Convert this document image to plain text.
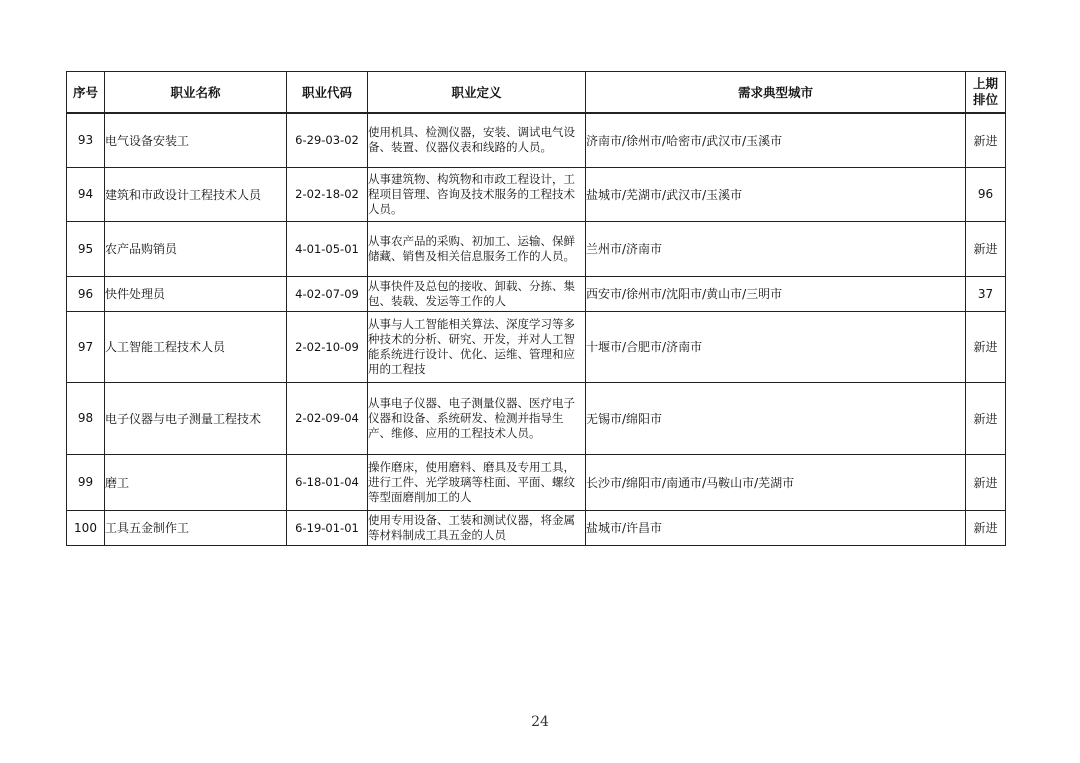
序号	职业名称	职业代码	职业定义	需求典型城市	上期
排位
93	电气设备安装工	6-29-03-02	使用机具、检测仪器，安装、调试电气设备、装置、仪器仪表和线路的人员。	济南市/徐州市/哈密市/武汉市/玉溪市	新进
94	建筑和市政设计工程技术人员	2-02-18-02	从事建筑物、构筑物和市政工程设计，工程项目管理、咨询及技术服务的工程技术人员。	盐城市/芜湖市/武汉市/玉溪市	96
95	农产品购销员	4-01-05-01	从事农产品的采购、初加工、运输、保鲜储藏、销售及相关信息服务工作的人员。	兰州市/济南市	新进
96	快件处理员	4-02-07-09	从事快件及总包的接收、卸载、分拣、集包、装载、发运等工作的人	西安市/徐州市/沈阳市/黄山市/三明市	37
97	人工智能工程技术人员	2-02-10-09	从事与人工智能相关算法、深度学习等多种技术的分析、研究、开发，并对人工智能系统进行设计、优化、运维、管理和应用的工程技	十堰市/合肥市/济南市	新进
98	电子仪器与电子测量工程技术	2-02-09-04	从事电子仪器、电子测量仪器、医疗电子仪器和设备、系统研发、检测并指导生产、维修、应用的工程技术人员。	无锡市/绵阳市	新进
99	磨工	6-18-01-04	操作磨床，使用磨料、磨具及专用工具，进行工件、光学玻璃等柱面、平面、螺纹等型面磨削加工的人	长沙市/绵阳市/南通市/马鞍山市/芜湖市	新进
100	工具五金制作工	6-19-01-01	使用专用设备、工装和测试仪器，将金属等材料制成工具五金的人员	盐城市/许昌市	新进
24
